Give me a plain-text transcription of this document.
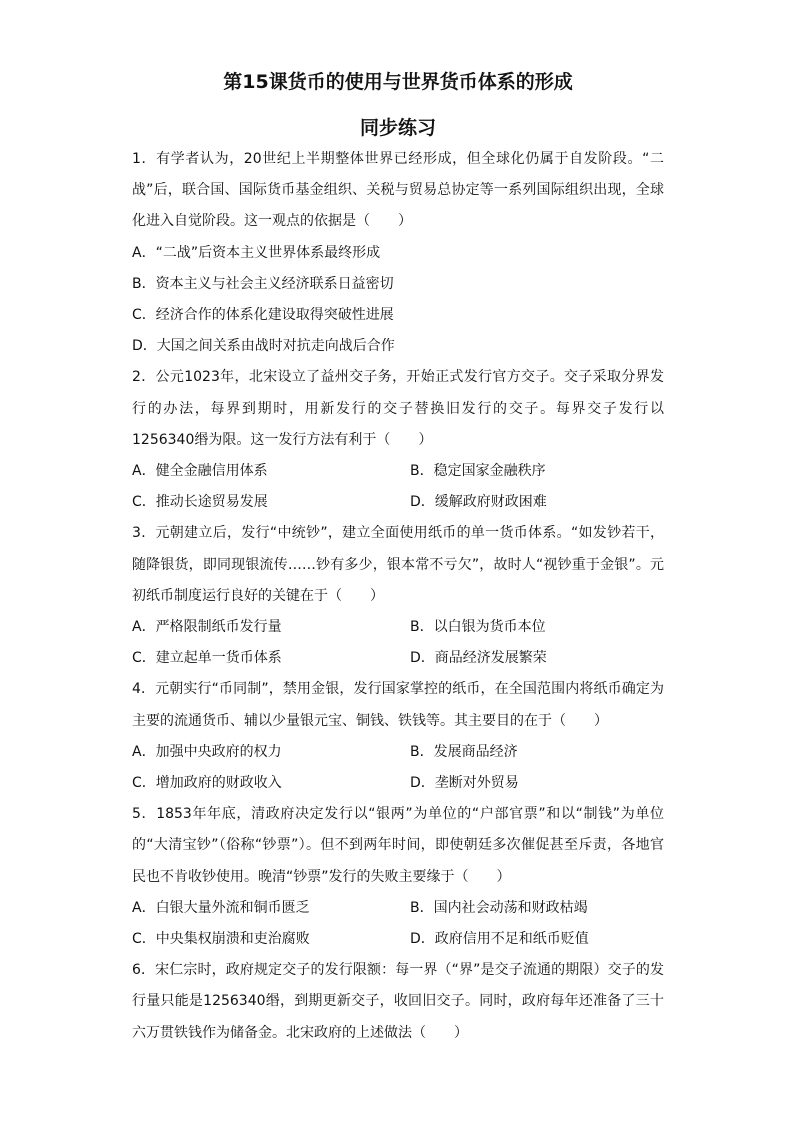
第15课货币的使用与世界货币体系的形成
同步练习

1．有学者认为，20世纪上半期整体世界已经形成，但全球化仍属于自发阶段。“二战”后，联合国、国际货币基金组织、关税与贸易总协定等一系列国际组织出现，全球化进入自觉阶段。这一观点的依据是（　　）

A．“二战”后资本主义世界体系最终形成
B．资本主义与社会主义经济联系日益密切
C．经济合作的体系化建设取得突破性进展
D．大国之间关系由战时对抗走向战后合作

2．公元1023年，北宋设立了益州交子务，开始正式发行官方交子。交子采取分界发行的办法，每界到期时，用新发行的交子替换旧发行的交子。每界交子发行以1256340缗为限。这一发行方法有利于（　　）

A．健全金融信用体系	B．稳定国家金融秩序
C．推动长途贸易发展	D．缓解政府财政困难

3．元朝建立后，发行“中统钞”，建立全面使用纸币的单一货币体系。“如发钞若干，随降银货，即同现银流传……钞有多少，银本常不亏欠”，故时人“视钞重于金银”。元初纸币制度运行良好的关键在于（　　）

A．严格限制纸币发行量	B．以白银为货币本位
C．建立起单一货币体系	D．商品经济发展繁荣

4．元朝实行“币同制”，禁用金银，发行国家掌控的纸币，在全国范围内将纸币确定为主要的流通货币、辅以少量银元宝、铜钱、铁钱等。其主要目的在于（　　）

A．加强中央政府的权力	B．发展商品经济
C．增加政府的财政收入	D．垄断对外贸易

5．1853年年底，清政府决定发行以“银两”为单位的“户部官票”和以“制钱”为单位的“大清宝钞”（俗称“钞票”）。但不到两年时间，即使朝廷多次催促甚至斥责，各地官民也不肯收钞使用。晚清“钞票”发行的失败主要缘于（　　）

A．白银大量外流和铜币匮乏	B．国内社会动荡和财政枯竭
C．中央集权崩溃和吏治腐败	D．政府信用不足和纸币贬值

6．宋仁宗时，政府规定交子的发行限额：每一界（“界”是交子流通的期限）交子的发行量只能是1256340缗，到期更新交子，收回旧交子。同时，政府每年还准备了三十六万贯铁钱作为储备金。北宋政府的上述做法（　　）
